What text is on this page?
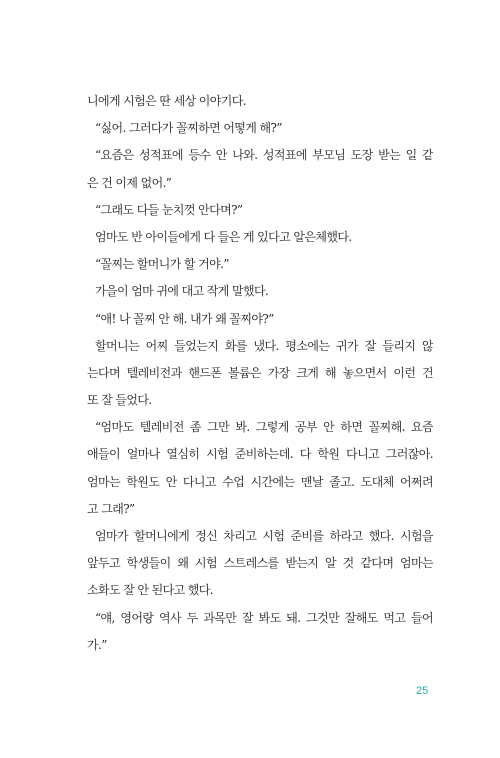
니에게 시험은 딴 세상 이야기다.
“싫어. 그러다가 꼴찌하면 어떻게 해?”
“요즘은 성적표에 등수 안 나와. 성적표에 부모님 도장 받는 일 같
은 건 이제 없어.”
“그래도 다들 눈치껏 안다며?”
엄마도 반 아이들에게 다 들은 게 있다고 알은체했다.
“꼴찌는 할머니가 할 거야.”
가을이 엄마 귀에 대고 작게 말했다.
“애! 나 꼴찌 안 해. 내가 왜 꼴찌야?”
할머니는 어찌 들었는지 화를 냈다. 평소에는 귀가 잘 들리지 않
는다며 텔레비전과 핸드폰 볼륨은 가장 크게 해 놓으면서 이런 건
또 잘 들었다.
“엄마도 텔레비전 좀 그만 봐. 그렇게 공부 안 하면 꼴찌해. 요즘
애들이 얼마나 열심히 시험 준비하는데. 다 학원 다니고 그러잖아.
엄마는 학원도 안 다니고 수업 시간에는 맨날 졸고. 도대체 어쩌려
고 그래?”
엄마가 할머니에게 정신 차리고 시험 준비를 하라고 했다. 시험을
앞두고 학생들이 왜 시험 스트레스를 받는지 알 것 같다며 엄마는
소화도 잘 안 된다고 했다.
“얘, 영어랑 역사 두 과목만 잘 봐도 돼. 그것만 잘해도 먹고 들어
가.”
25
